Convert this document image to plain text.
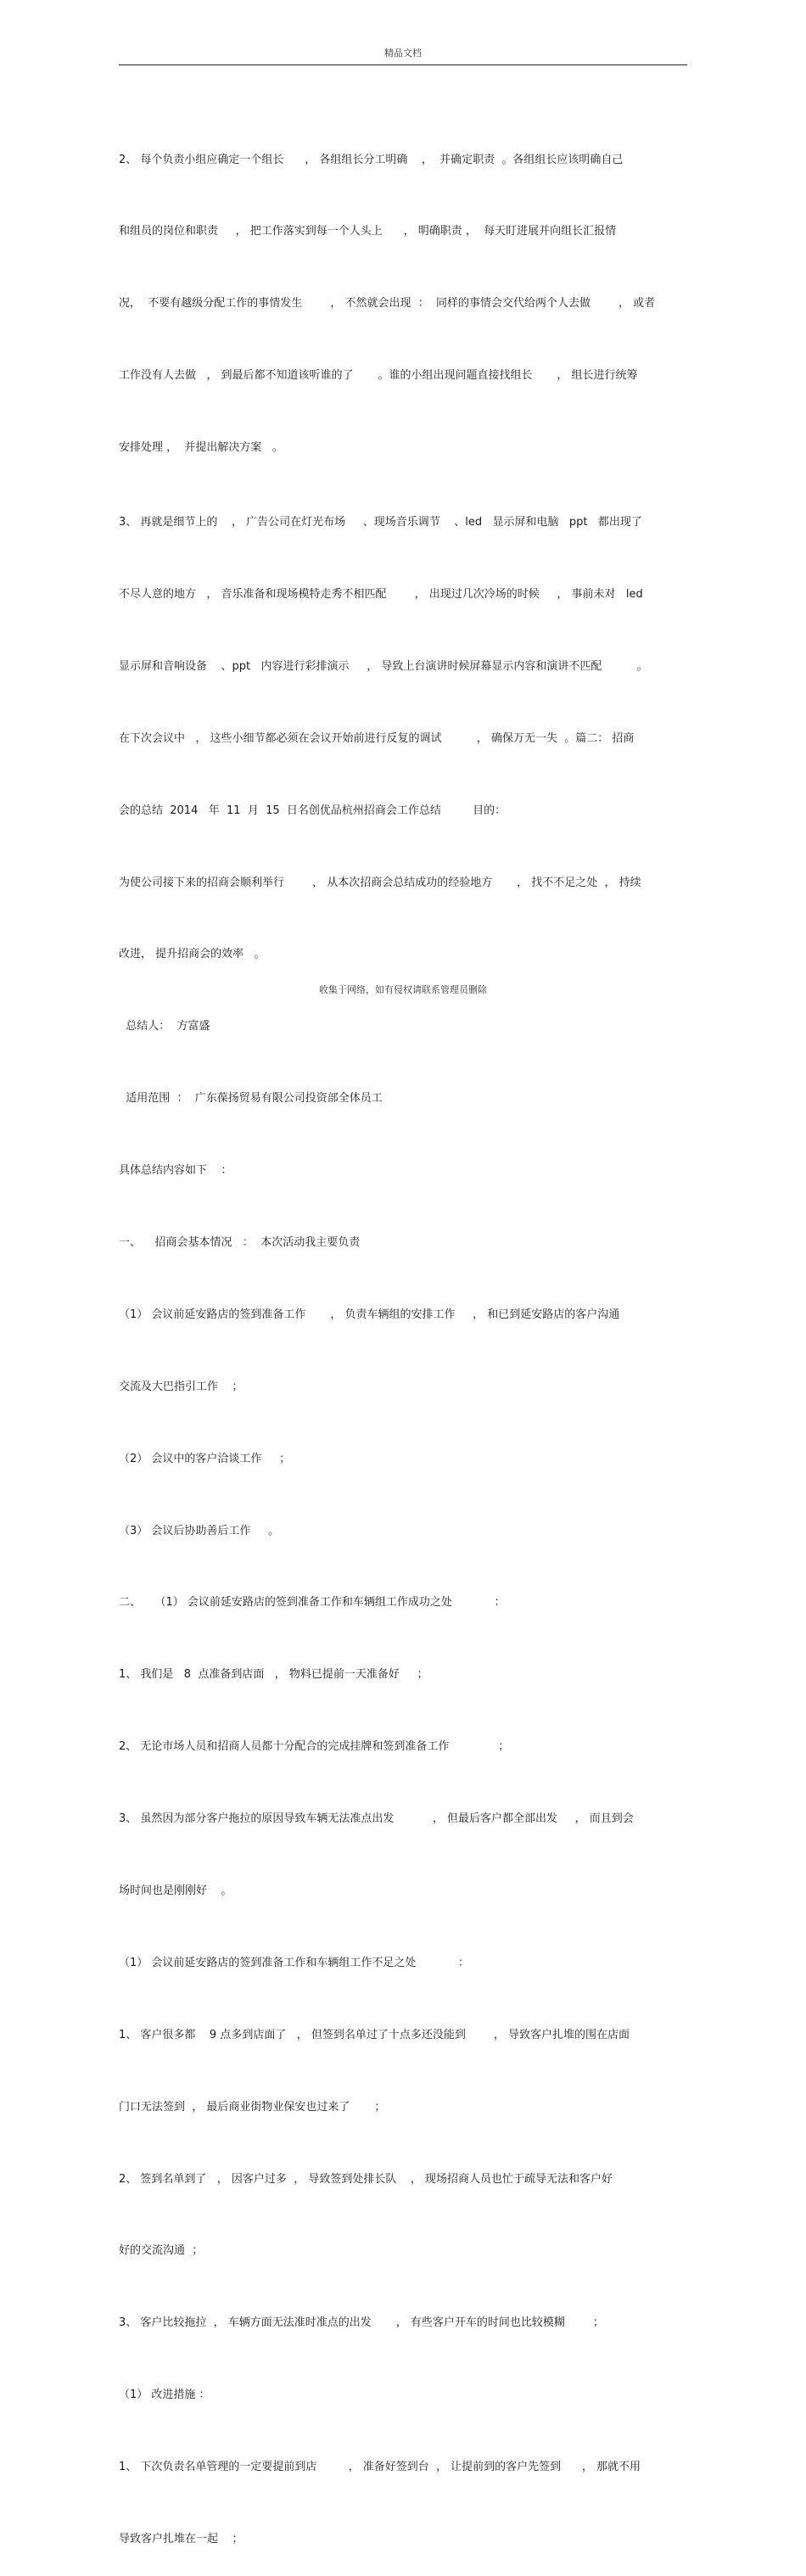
精品文档

2、 每个负责小组应确定一个组长      ， 各组组长分工明确    ，  并确定职责  。各组组长应该明确自己

和组员的岗位和职责     ， 把工作落实到每一个人头上      ， 明确职责 ，  每天盯进展并向组长汇报情

况，  不要有越级分配工作的事情发生        ， 不然就会出现  ：  同样的事情会交代给两个人去做        ， 或者

工作没有人去做   ， 到最后都不知道该听谁的了       。谁的小组出现问题直接找组长       ， 组长进行统筹

安排处理 ，  并提出解决方案   。

3、 再就是细节上的    ， 广告公司在灯光布场     、现场音乐调节    、led   显示屏和电脑   ppt   都出现了

不尽人意的地方   ， 音乐准备和现场模特走秀不相匹配        ， 出现过几次冷场的时候     ， 事前未对   led

显示屏和音响设备    、ppt   内容进行彩排演示     ， 导致上台演讲时候屏幕显示内容和演讲不匹配          。

在下次会议中   ， 这些小细节都必须在会议开始前进行反复的调试          ， 确保万无一失  。篇二： 招商

会的总结  2014   年  11  月  15  日名创优品杭州招商会工作总结         目的：

为使公司接下来的招商会顺利举行        ， 从本次招商会总结成功的经验地方       ， 找不不足之处  ， 持续

改进， 提升招商会的效率   。

总结人：  方富盛

适用范围  ：  广东葆扬贸易有限公司投资部全体员工

具体总结内容如下    ：

一、    招商会基本情况   ：  本次活动我主要负责

（1） 会议前延安路店的签到准备工作       ， 负责车辆组的安排工作     ， 和已到延安路店的客户沟通

交流及大巴指引工作    ；

（2） 会议中的客户洽谈工作     ；

（3） 会议后协助善后工作     。

二、    （1） 会议前延安路店的签到准备工作和车辆组工作成功之处            ：

1、 我们是   8  点准备到店面   ， 物料已提前一天准备好     ；

2、 无论市场人员和招商人员都十分配合的完成挂牌和签到准备工作              ；

3、 虽然因为部分客户拖拉的原因导致车辆无法准点出发           ， 但最后客户都全部出发     ， 而且到会

场时间也是刚刚好    。

（1） 会议前延安路店的签到准备工作和车辆组工作不足之处            ：

1、 客户很多都    9 点多到店面了   ， 但签到名单过了十点多还没能到        ， 导致客户扎堆的围在店面

门口无法签到  ， 最后商业街物业保安也过来了       ；

2、 签到名单到了   ， 因客户过多  ， 导致签到处排长队    ， 现场招商人员也忙于疏导无法和客户好

好的交流沟通  ；

3、 客户比较拖拉  ， 车辆方面无法准时准点的出发       ， 有些客户开车的时间也比较模糊        ；

（1） 改进措施 ：

1、 下次负责名单管理的一定要提前到店         ， 准备好签到台  ， 让提前到的客户先签到      ， 那就不用

导致客户扎堆在一起    ；

收集于网络，如有侵权请联系管理员删除
